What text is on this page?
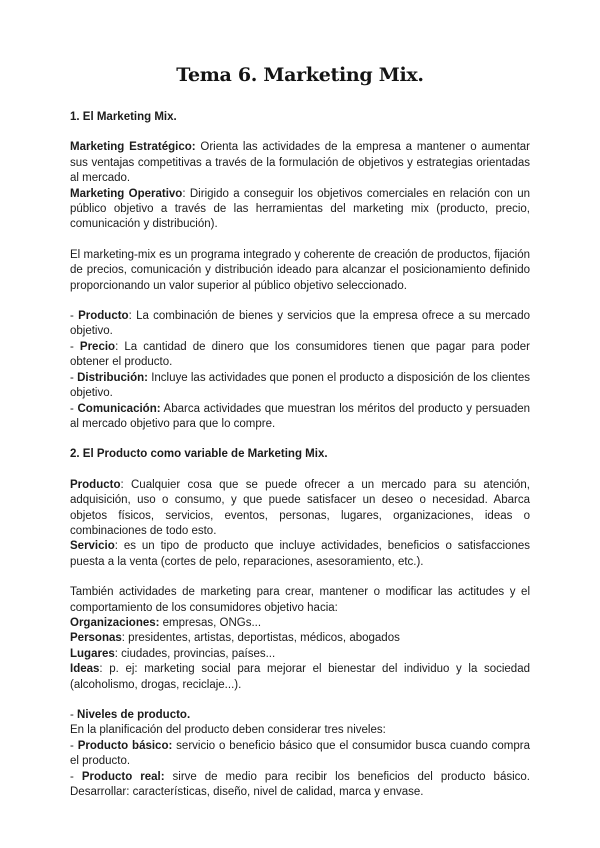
Tema 6. Marketing Mix.

1. El Marketing Mix.

Marketing Estratégico: Orienta las actividades de la empresa a mantener o aumentar sus ventajas competitivas a través de la formulación de objetivos y estrategias orientadas al mercado.

Marketing Operativo: Dirigido a conseguir los objetivos comerciales en relación con un público objetivo a través de las herramientas del marketing mix (producto, precio, comunicación y distribución).

El marketing-mix es un programa integrado y coherente de creación de productos, fijación de precios, comunicación y distribución ideado para alcanzar el posicionamiento definido proporcionando un valor superior al público objetivo seleccionado.

- Producto: La combinación de bienes y servicios que la empresa ofrece a su mercado objetivo.

- Precio: La cantidad de dinero que los consumidores tienen que pagar para poder obtener el producto.

- Distribución: Incluye las actividades que ponen el producto a disposición de los clientes objetivo.

- Comunicación: Abarca actividades que muestran los méritos del producto y persuaden al mercado objetivo para que lo compre.

2. El Producto como variable de Marketing Mix.

Producto: Cualquier cosa que se puede ofrecer a un mercado para su atención, adquisición, uso o consumo, y que puede satisfacer un deseo o necesidad. Abarca objetos físicos, servicios, eventos, personas, lugares, organizaciones, ideas o combinaciones de todo esto.

Servicio: es un tipo de producto que incluye actividades, beneficios o satisfacciones puesta a la venta (cortes de pelo, reparaciones, asesoramiento, etc.).

También actividades de marketing para crear, mantener o modificar las actitudes y el comportamiento de los consumidores objetivo hacia:

Organizaciones: empresas, ONGs...

Personas: presidentes, artistas, deportistas, médicos, abogados

Lugares: ciudades, provincias, países...

Ideas: p. ej: marketing social para mejorar el bienestar del individuo y la sociedad (alcoholismo, drogas, reciclaje...).

- Niveles de producto.

En la planificación del producto deben considerar tres niveles:

- Producto básico: servicio o beneficio básico que el consumidor busca cuando compra el producto.

- Producto real: sirve de medio para recibir los beneficios del producto básico. Desarrollar: características, diseño, nivel de calidad, marca y envase.
